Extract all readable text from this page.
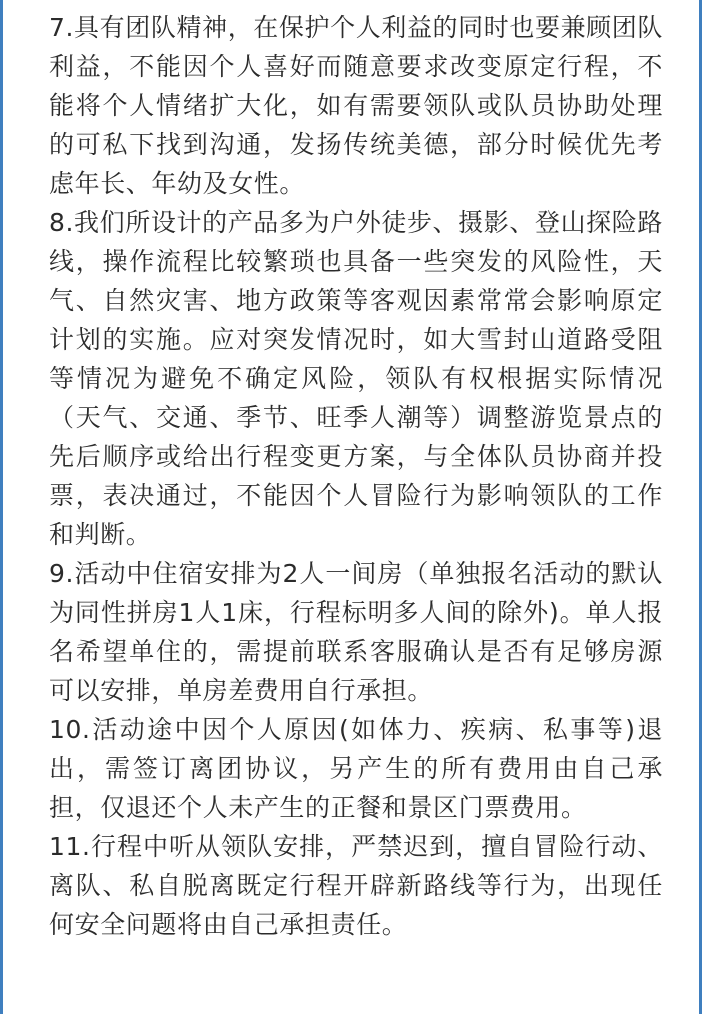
7.具有团队精神，在保护个人利益的同时也要兼顾团队利益，不能因个人喜好而随意要求改变原定行程，不能将个人情绪扩大化，如有需要领队或队员协助处理的可私下找到沟通，发扬传统美德，部分时候优先考虑年长、年幼及女性。

8.我们所设计的产品多为户外徒步、摄影、登山探险路线，操作流程比较繁琐也具备一些突发的风险性，天气、自然灾害、地方政策等客观因素常常会影响原定计划的实施。应对突发情况时，如大雪封山道路受阻等情况为避免不确定风险，领队有权根据实际情况（天气、交通、季节、旺季人潮等）调整游览景点的先后顺序或给出行程变更方案，与全体队员协商并投票，表决通过，不能因个人冒险行为影响领队的工作和判断。

9.活动中住宿安排为2人一间房（单独报名活动的默认为同性拼房1人1床，行程标明多人间的除外)。单人报名希望单住的，需提前联系客服确认是否有足够房源可以安排，单房差费用自行承担。

10.活动途中因个人原因(如体力、疾病、私事等)退出，需签订离团协议，另产生的所有费用由自己承担，仅退还个人未产生的正餐和景区门票费用。

11.行程中听从领队安排，严禁迟到，擅自冒险行动、离队、私自脱离既定行程开辟新路线等行为，出现任何安全问题将由自己承担责任。
